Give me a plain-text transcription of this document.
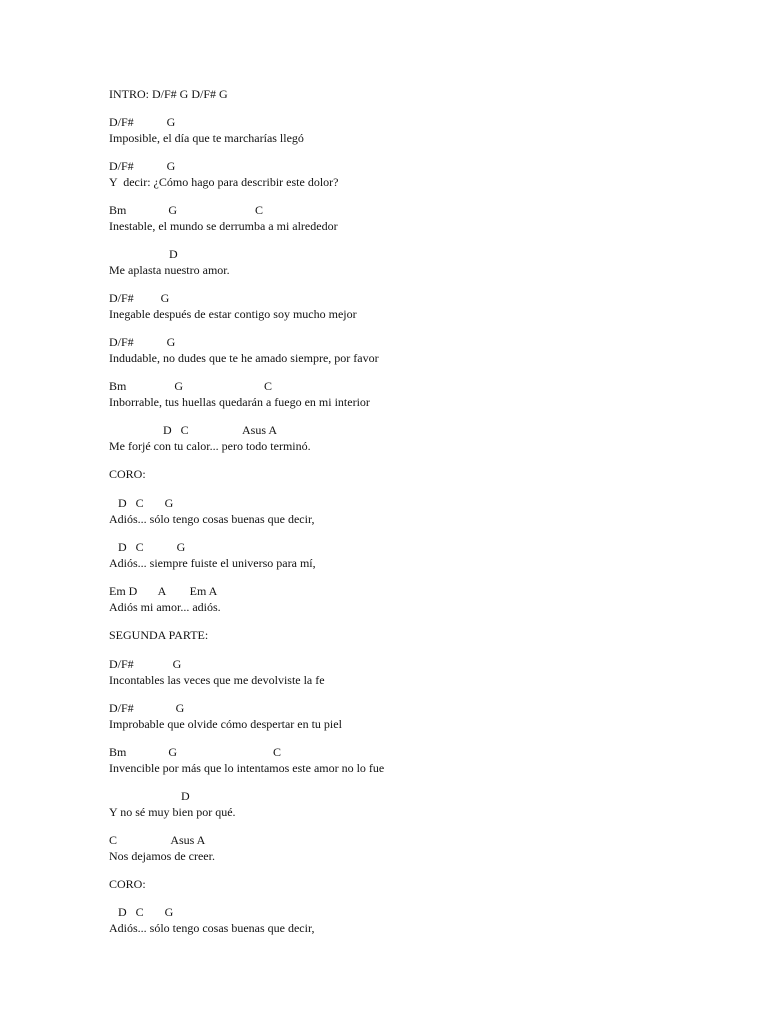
INTRO: D/F# G D/F# G

D/F#           G

Imposible, el día que te marcharías llegó

D/F#           G

Y  decir: ¿Cómo hago para describir este dolor?

Bm              G                          C

Inestable, el mundo se derrumba a mi alrededor

D

Me aplasta nuestro amor.

D/F#         G

Inegable después de estar contigo soy mucho mejor

D/F#           G

Indudable, no dudes que te he amado siempre, por favor

Bm                G                           C

Inborrable, tus huellas quedarán a fuego en mi interior

D   C                  Asus A

Me forjé con tu calor... pero todo terminó.

CORO:

D   C       G

Adiós... sólo tengo cosas buenas que decir,

D   C           G

Adiós... siempre fuiste el universo para mí,

Em D       A        Em A

Adiós mi amor... adiós.

SEGUNDA PARTE:

D/F#             G

Incontables las veces que me devolviste la fe

D/F#              G

Improbable que olvide cómo despertar en tu piel

Bm              G                                C

Invencible por más que lo intentamos este amor no lo fue

D

Y no sé muy bien por qué.

C                  Asus A

Nos dejamos de creer.

CORO:

D   C       G

Adiós... sólo tengo cosas buenas que decir,
